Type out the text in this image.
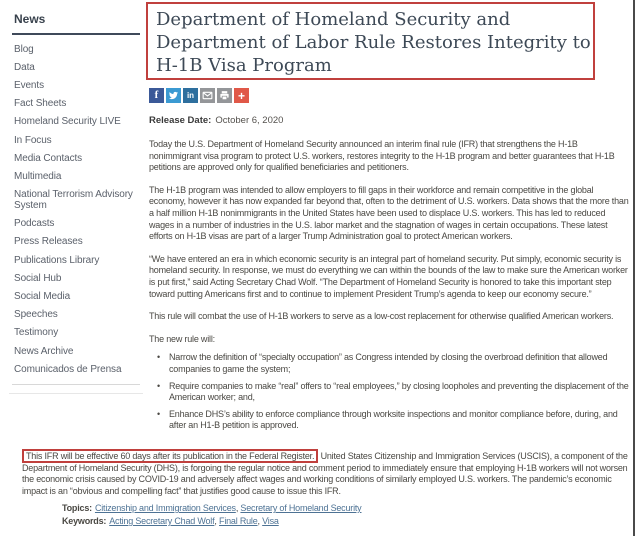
News
Blog
Data
Events
Fact Sheets
Homeland Security LIVE
In Focus
Media Contacts
Multimedia
National Terrorism Advisory System
Podcasts
Press Releases
Publications Library
Social Hub
Social Media
Speeches
Testimony
News Archive
Comunicados de Prensa
Department of Homeland Security and
Department of Labor Rule Restores Integrity to
H-1B Visa Program
f	in	+
Release Date: October 6, 2020

Today the U.S. Department of Homeland Security announced an interim final rule (IFR) that strengthens the H-1B nonimmigrant visa program to protect U.S. workers, restores integrity to the H-1B program and better guarantees that H-1B petitions are approved only for qualified beneficiaries and petitioners.

The H-1B program was intended to allow employers to fill gaps in their workforce and remain competitive in the global economy, however it has now expanded far beyond that, often to the detriment of U.S. workers. Data shows that the more than a half million H-1B nonimmigrants in the United States have been used to displace U.S. workers. This has led to reduced wages in a number of industries in the U.S. labor market and the stagnation of wages in certain occupations. These latest efforts on H-1B visas are part of a larger Trump Administration goal to protect American workers.

“We have entered an era in which economic security is an integral part of homeland security. Put simply, economic security is homeland security. In response, we must do everything we can within the bounds of the law to make sure the American worker is put first,” said Acting Secretary Chad Wolf. “The Department of Homeland Security is honored to take this important step toward putting Americans first and to continue to implement President Trump’s agenda to keep our economy secure.”

This rule will combat the use of H-1B workers to serve as a low-cost replacement for otherwise qualified American workers.

The new rule will:

• Narrow the definition of “specialty occupation” as Congress intended by closing the overbroad definition that allowed companies to game the system;
• Require companies to make “real” offers to “real employees,” by closing loopholes and preventing the displacement of the American worker; and,
• Enhance DHS’s ability to enforce compliance through worksite inspections and monitor compliance before, during, and after an H1-B petition is approved.

This IFR will be effective 60 days after its publication in the Federal Register. United States Citizenship and Immigration Services (USCIS), a component of the Department of Homeland Security (DHS), is forgoing the regular notice and comment period to immediately ensure that employing H-1B workers will not worsen the economic crisis caused by COVID-19 and adversely affect wages and working conditions of similarly employed U.S. workers. The pandemic’s economic impact is an “obvious and compelling fact” that justifies good cause to issue this IFR.

Topics: Citizenship and Immigration Services, Secretary of Homeland Security
Keywords: Acting Secretary Chad Wolf, Final Rule, Visa
